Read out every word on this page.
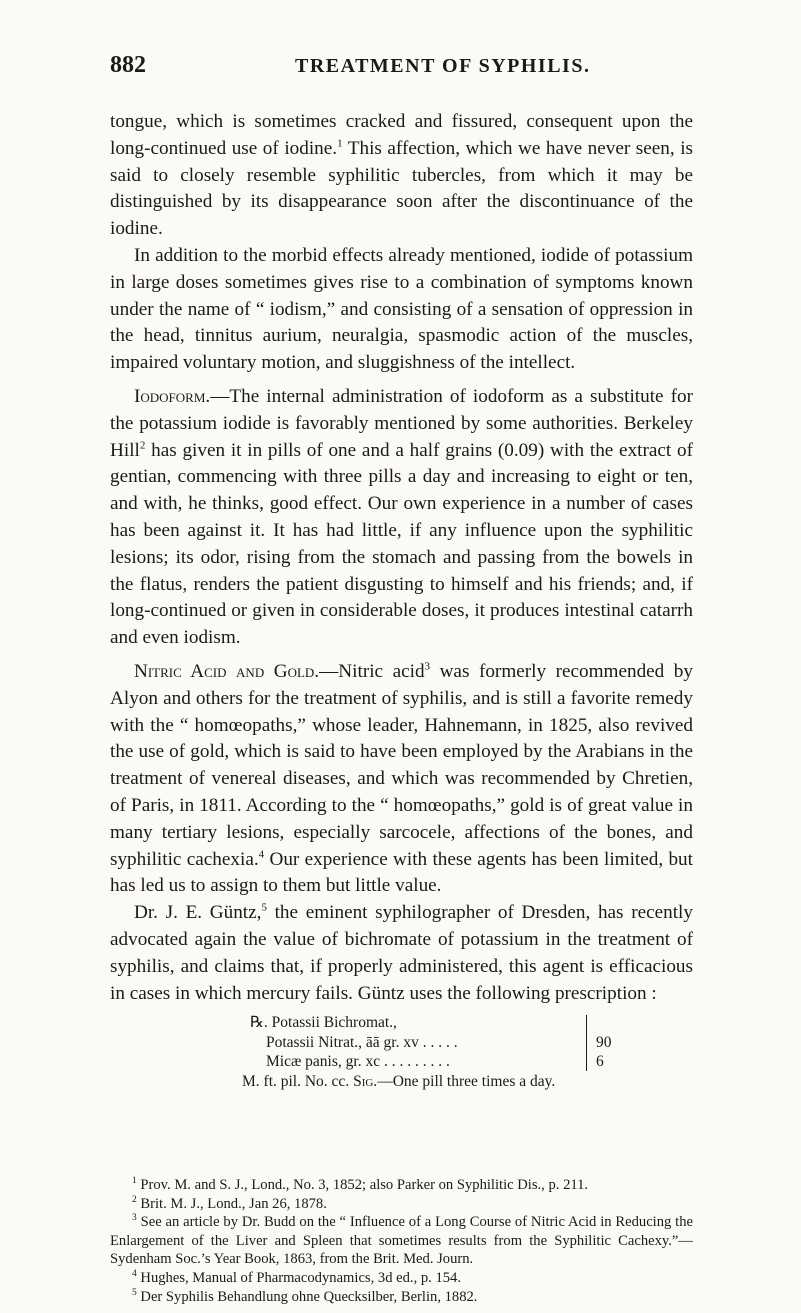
882	TREATMENT OF SYPHILIS.

tongue, which is sometimes cracked and fissured, consequent upon the long-continued use of iodine.$^1$ This affection, which we have never seen, is said to closely resemble syphilitic tubercles, from which it may be distinguished by its disappearance soon after the discontinuance of the iodine.

In addition to the morbid effects already mentioned, iodide of potassium in large doses sometimes gives rise to a combination of symptoms known under the name of “ iodism,” and consisting of a sensation of oppression in the head, tinnitus aurium, neuralgia, spasmodic action of the muscles, impaired voluntary motion, and sluggishness of the intellect.

Iodoform.—The internal administration of iodoform as a substitute for the potassium iodide is favorably mentioned by some authorities. Berkeley Hill$^2$ has given it in pills of one and a half grains (0.09) with the extract of gentian, commencing with three pills a day and increasing to eight or ten, and with, he thinks, good effect. Our own experience in a number of cases has been against it. It has had little, if any influence upon the syphilitic lesions; its odor, rising from the stomach and passing from the bowels in the flatus, renders the patient disgusting to himself and his friends; and, if long-continued or given in considerable doses, it produces intestinal catarrh and even iodism.

Nitric Acid and Gold.—Nitric acid$^3$ was formerly recommended by Alyon and others for the treatment of syphilis, and is still a favorite remedy with the “ homœopaths,” whose leader, Hahnemann, in 1825, also revived the use of gold, which is said to have been employed by the Arabians in the treatment of venereal diseases, and which was recommended by Chretien, of Paris, in 1811. According to the “ homœopaths,” gold is of great value in many tertiary lesions, especially sarcocele, affections of the bones, and syphilitic cachexia.$^4$ Our experience with these agents has been limited, but has led us to assign to them but little value.

Dr. J. E. Güntz,$^5$ the eminent syphilographer of Dresden, has recently advocated again the value of bichromate of potassium in the treatment of syphilis, and claims that, if properly administered, this agent is efficacious in cases in which mercury fails. Güntz uses the following prescription :

℞. Potassii Bichromat.,
Potassii Nitrat., āā gr. xv . . . . .	90
Micæ panis, gr. xc . . . . . . . . .	6
M. ft. pil. No. cc. Sig.—One pill three times a day.

$^1$ Prov. M. and S. J., Lond., No. 3, 1852; also Parker on Syphilitic Dis., p. 211.

$^2$ Brit. M. J., Lond., Jan 26, 1878.

$^3$ See an article by Dr. Budd on the “ Influence of a Long Course of Nitric Acid in Reducing the Enlargement of the Liver and Spleen that sometimes results from the Syphilitic Cachexy.”—Sydenham Soc.’s Year Book, 1863, from the Brit. Med. Journ.

$^4$ Hughes, Manual of Pharmacodynamics, 3d ed., p. 154.

$^5$ Der Syphilis Behandlung ohne Quecksilber, Berlin, 1882.
